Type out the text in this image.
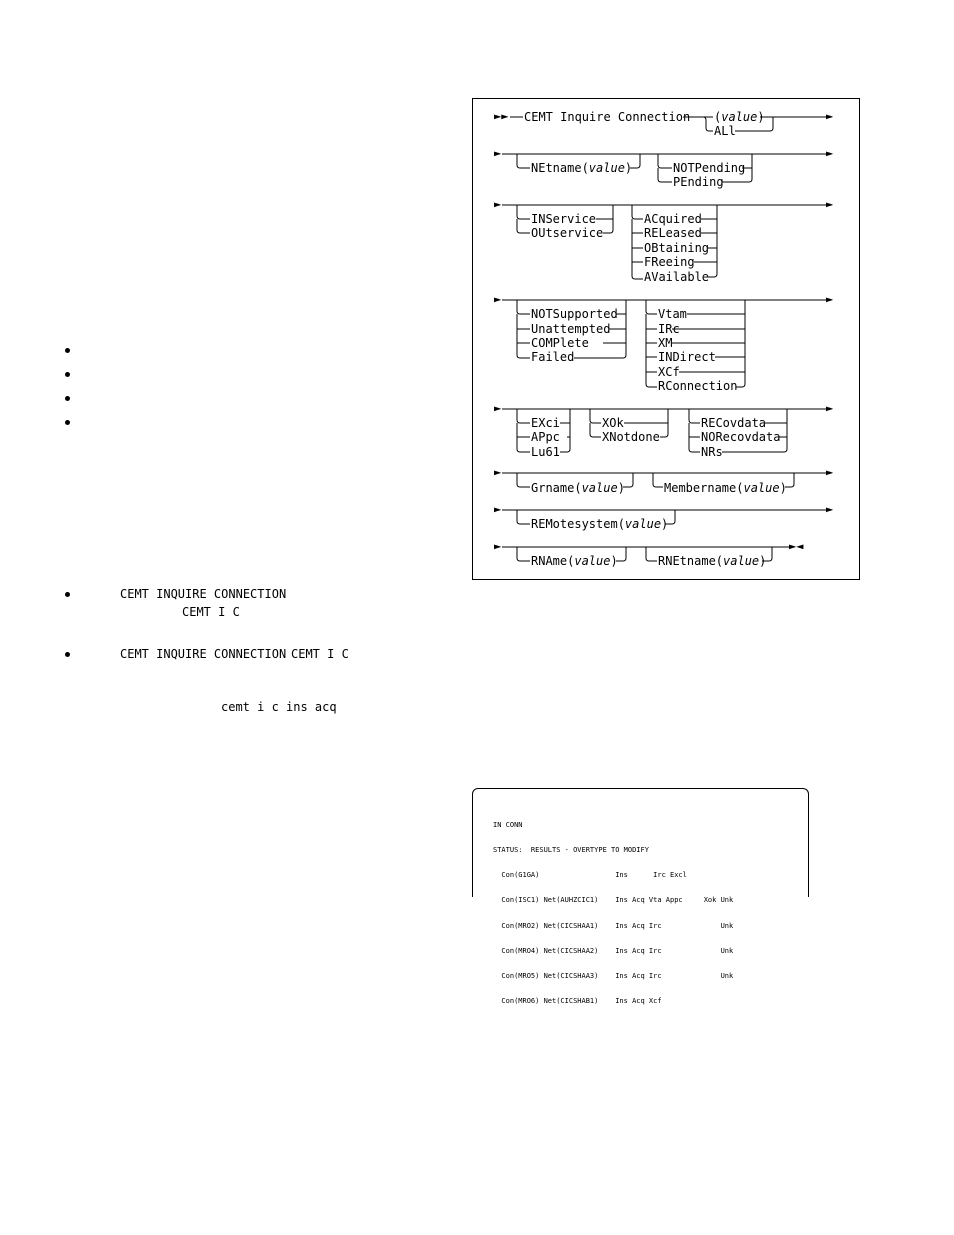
►► CEMT Inquire Connection (value)
ALl
►
►	►
NEtname(value)	NOTPending
PEnding
►	►
INService
OUtservice
ACquired
RELeased
OBtaining
FReeing
AVailable
►	►
NOTSupported
Unattempted
COMPlete
Failed
Vtam
IRc
XM
INDirect
XCf
RConnection
►	►
EXci
APpc
Lu61
XOk
XNotdone
RECovdata
NORecovdata
NRs
►	►
Grname(value)	Membername(value)
►	►
REMotesystem(value)
►	►◄
RNAme(value)	RNEtname(value)
CEMT INQUIRE CONNECTION
CEMT I C
CEMT INQUIRE CONNECTION CEMT I C
cemt i c ins acq

IN CONN

STATUS:  RESULTS - OVERTYPE TO MODIFY

Con(G1GA)                  Ins      Irc Excl

Con(ISC1) Net(AUHZCIC1)    Ins Acq Vta Appc     Xok Unk

Con(MRO2) Net(CICSHAA1)    Ins Acq Irc              Unk

Con(MRO4) Net(CICSHAA2)    Ins Acq Irc              Unk

Con(MRO5) Net(CICSHAA3)    Ins Acq Irc              Unk

Con(MRO6) Net(CICSHAB1)    Ins Acq Xcf
